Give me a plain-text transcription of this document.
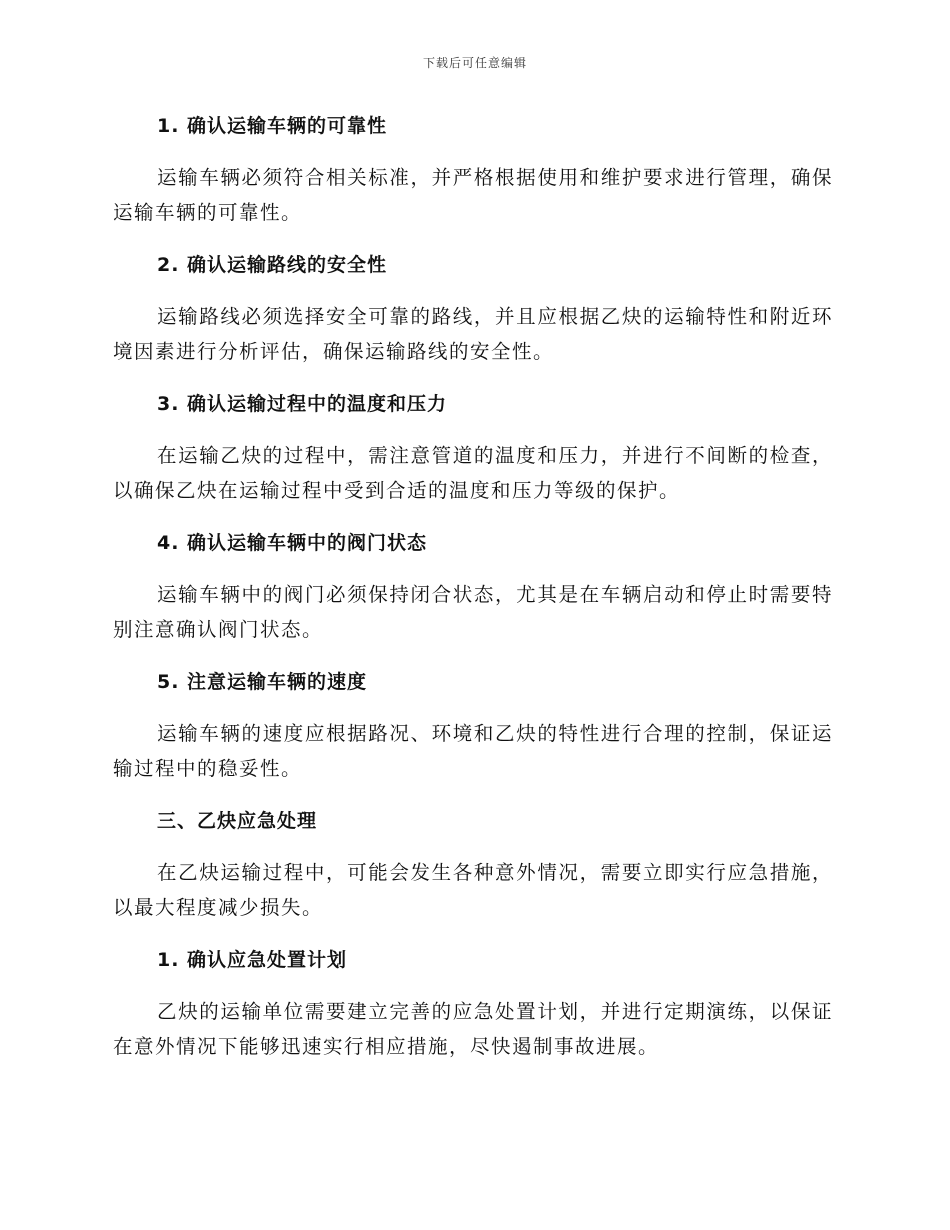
下载后可任意编辑
1. 确认运输车辆的可靠性

运输车辆必须符合相关标准，并严格根据使用和维护要求进行管理，确保运输车辆的可靠性。

2. 确认运输路线的安全性

运输路线必须选择安全可靠的路线，并且应根据乙炔的运输特性和附近环境因素进行分析评估，确保运输路线的安全性。

3. 确认运输过程中的温度和压力

在运输乙炔的过程中，需注意管道的温度和压力，并进行不间断的检查，以确保乙炔在运输过程中受到合适的温度和压力等级的保护。

4. 确认运输车辆中的阀门状态

运输车辆中的阀门必须保持闭合状态，尤其是在车辆启动和停止时需要特别注意确认阀门状态。

5. 注意运输车辆的速度

运输车辆的速度应根据路况、环境和乙炔的特性进行合理的控制，保证运输过程中的稳妥性。

三、乙炔应急处理

在乙炔运输过程中，可能会发生各种意外情况，需要立即实行应急措施，以最大程度减少损失。

1. 确认应急处置计划

乙炔的运输单位需要建立完善的应急处置计划，并进行定期演练，以保证在意外情况下能够迅速实行相应措施，尽快遏制事故进展。
